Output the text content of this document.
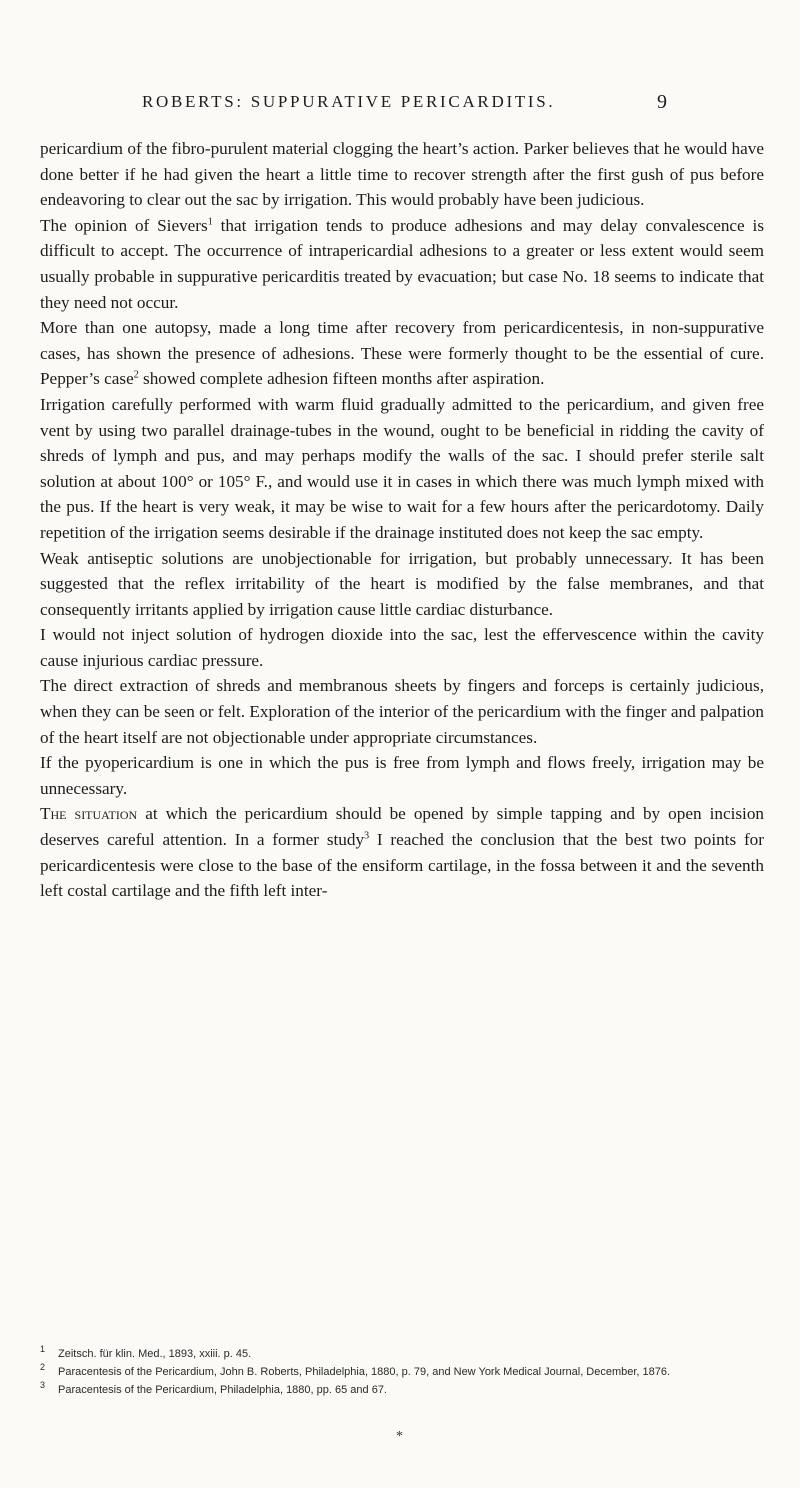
ROBERTS: SUPPURATIVE PERICARDITIS.	9

pericardium of the fibro-purulent material clogging the heart’s action. Parker believes that he would have done better if he had given the heart a little time to recover strength after the first gush of pus before endeavoring to clear out the sac by irrigation. This would probably have been judicious.

The opinion of Sievers$^1$ that irrigation tends to produce adhesions and may delay convalescence is difficult to accept. The occurrence of intrapericardial adhesions to a greater or less extent would seem usually probable in suppurative pericarditis treated by evacuation; but case No. 18 seems to indicate that they need not occur.

More than one autopsy, made a long time after recovery from pericardicentesis, in non-suppurative cases, has shown the presence of adhesions. These were formerly thought to be the essential of cure. Pepper’s case$^2$ showed complete adhesion fifteen months after aspiration.

Irrigation carefully performed with warm fluid gradually admitted to the pericardium, and given free vent by using two parallel drainage-tubes in the wound, ought to be beneficial in ridding the cavity of shreds of lymph and pus, and may perhaps modify the walls of the sac. I should prefer sterile salt solution at about 100° or 105° F., and would use it in cases in which there was much lymph mixed with the pus. If the heart is very weak, it may be wise to wait for a few hours after the pericardotomy. Daily repetition of the irrigation seems desirable if the drainage instituted does not keep the sac empty.

Weak antiseptic solutions are unobjectionable for irrigation, but probably unnecessary. It has been suggested that the reflex irritability of the heart is modified by the false membranes, and that consequently irritants applied by irrigation cause little cardiac disturbance.

I would not inject solution of hydrogen dioxide into the sac, lest the effervescence within the cavity cause injurious cardiac pressure.

The direct extraction of shreds and membranous sheets by fingers and forceps is certainly judicious, when they can be seen or felt. Exploration of the interior of the pericardium with the finger and palpation of the heart itself are not objectionable under appropriate circumstances.

If the pyopericardium is one in which the pus is free from lymph and flows freely, irrigation may be unnecessary.

The situation at which the pericardium should be opened by simple tapping and by open incision deserves careful attention. In a former study$^3$ I reached the conclusion that the best two points for pericardicentesis were close to the base of the ensiform cartilage, in the fossa between it and the seventh left costal cartilage and the fifth left inter-

1 Zeitsch. für klin. Med., 1893, xxiii. p. 45.

2 Paracentesis of the Pericardium, John B. Roberts, Philadelphia, 1880, p. 79, and New York Medical Journal, December, 1876.

3 Paracentesis of the Pericardium, Philadelphia, 1880, pp. 65 and 67.

*
